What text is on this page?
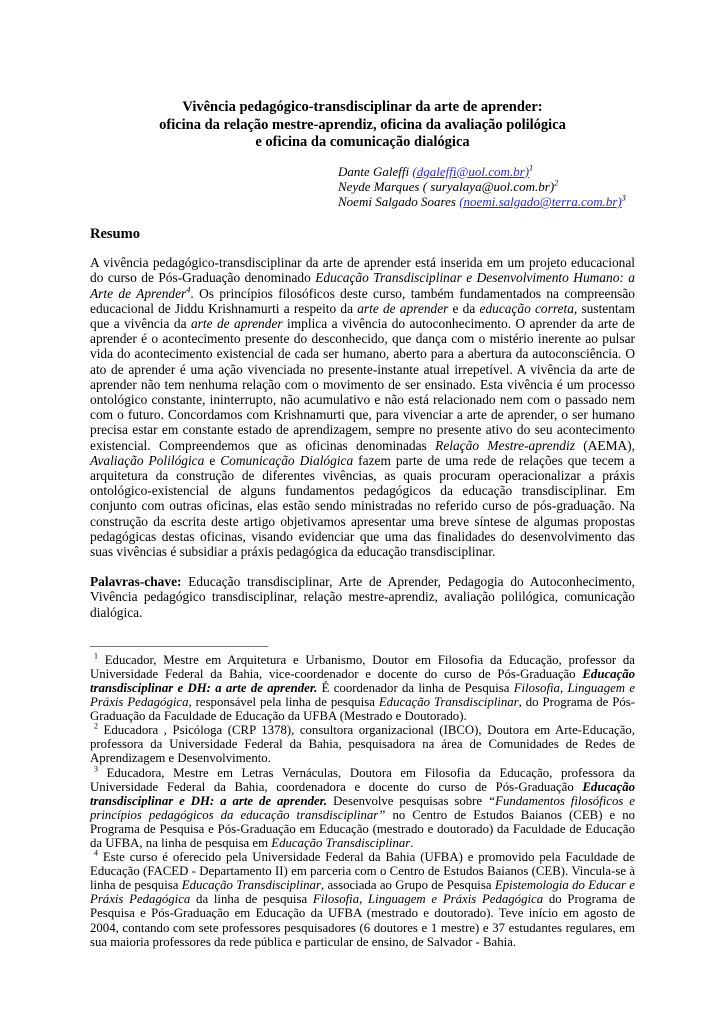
Vivência pedagógico-transdisciplinar da arte de aprender:
oficina da relação mestre-aprendiz, oficina da avaliação polilógica
e oficina da comunicação dialógica
Dante Galeffi (dgaleffi@uol.com.br)$^1$
Neyde Marques ( suryalaya@uol.com.br)$^2$
Noemi Salgado Soares (noemi.salgado@terra.com.br)$^3$
Resumo

A vivência pedagógico-transdisciplinar da arte de aprender está inserida em um projeto educacional do curso de Pós-Graduação denominado Educação Transdisciplinar e Desenvolvimento Humano: a Arte de Aprender$^4$. Os princípios filosóficos deste curso, também fundamentados na compreensão educacional de Jiddu Krishnamurti a respeito da arte de aprender e da educação correta, sustentam que a vivência da arte de aprender implica a vivência do autoconhecimento. O aprender da arte de aprender é o acontecimento presente do desconhecido, que dança com o mistério inerente ao pulsar vida do acontecimento existencial de cada ser humano, aberto para a abertura da autoconsciência. O ato de aprender é uma ação vivenciada no presente-instante atual irrepetível. A vivência da arte de aprender não tem nenhuma relação com o movimento de ser ensinado. Esta vivência é um processo ontológico constante, ininterrupto, não acumulativo e não está relacionado nem com o passado nem com o futuro. Concordamos com Krishnamurti que, para vivenciar a arte de aprender, o ser humano precisa estar em constante estado de aprendizagem, sempre no presente ativo do seu acontecimento existencial. Compreendemos que as oficinas denominadas Relação Mestre-aprendiz (AEMA), Avaliação Polilógica e Comunicação Dialógica fazem parte de uma rede de relações que tecem a arquitetura da construção de diferentes vivências, as quais procuram operacionalizar a práxis ontológico-existencial de alguns fundamentos pedagógicos da educação transdisciplinar. Em conjunto com outras oficinas, elas estão sendo ministradas no referido curso de pós-graduação. Na construção da escrita deste artigo objetivamos apresentar uma breve síntese de algumas propostas pedagógicas destas oficinas, visando evidenciar que uma das finalidades do desenvolvimento das suas vivências é subsidiar a práxis pedagógica da educação transdisciplinar.

Palavras-chave: Educação transdisciplinar, Arte de Aprender, Pedagogia do Autoconhecimento, Vivência pedagógico transdisciplinar, relação mestre-aprendiz, avaliação polilógica, comunicação dialógica.

$^1$ Educador, Mestre em Arquitetura e Urbanismo, Doutor em Filosofia da Educação, professor da Universidade Federal da Bahia, vice-coordenador e docente do curso de Pós-Graduação Educação transdisciplinar e DH: a arte de aprender. É coordenador da linha de Pesquisa Filosofia, Linguagem e Práxis Pedagógica, responsável pela linha de pesquisa Educação Transdisciplinar, do Programa de Pós-Graduação da Faculdade de Educação da UFBA (Mestrado e Doutorado).

$^2$ Educadora , Psicóloga (CRP 1378), consultora organizacional (IBCO), Doutora em Arte-Educação, professora da Universidade Federal da Bahia, pesquisadora na área de Comunidades de Redes de Aprendizagem e Desenvolvimento.

$^3$ Educadora, Mestre em Letras Vernáculas, Doutora em Filosofia da Educação, professora da Universidade Federal da Bahia, coordenadora e docente do curso de Pós-Graduação Educação transdisciplinar e DH: a arte de aprender. Desenvolve pesquisas sobre “Fundamentos filosóficos e princípios pedagógicos da educação transdisciplinar” no Centro de Estudos Baianos (CEB) e no Programa de Pesquisa e Pós-Graduação em Educação (mestrado e doutorado) da Faculdade de Educação da UFBA, na linha de pesquisa em Educação Transdisciplinar.

$^4$ Este curso é oferecido pela Universidade Federal da Bahia (UFBA) e promovido pela Faculdade de Educação (FACED - Departamento II) em parceria com o Centro de Estudos Baianos (CEB). Vincula-se à linha de pesquisa Educação Transdisciplinar, associada ao Grupo de Pesquisa Epistemologia do Educar e Práxis Pedagógica da linha de pesquisa Filosofia, Linguagem e Práxis Pedagógica do Programa de Pesquisa e Pós-Graduação em Educação da UFBA (mestrado e doutorado). Teve início em agosto de 2004, contando com sete professores pesquisadores (6 doutores e 1 mestre) e 37 estudantes regulares, em sua maioria professores da rede pública e particular de ensino, de Salvador - Bahia.
